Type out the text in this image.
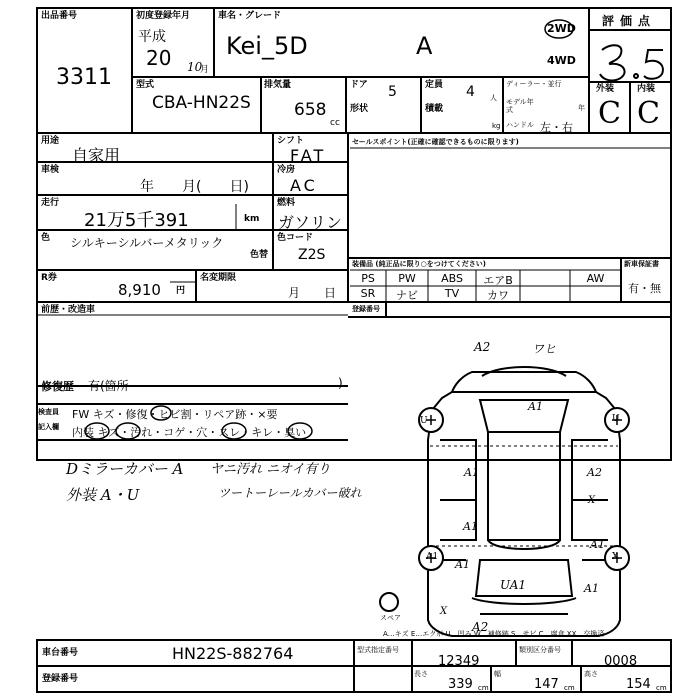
出品番号
3311
初度登録年月
平成
20 10
月
車名・グレード
Kei_5D	A
2WD
4WD
評価点
外装	内装
C C
型式
CBA-HN22S
排気量
658
cc
ドア 5
形状
定員 4 人
積載
kg
ディーラー・並行
モデル年式	年
ハンドル 左・右
用途
自家用
シフト
FAT
車検
年　　月(　　日)
冷房
AC
走行
21万5千391	km
燃料
ガソリン
色 シルキーシルバーメタリック
色替
色コード
Z2S
R券
8,910 円
名変期限
月　　日
前歴・改造車
修復歴 有(箇所	)
セールスポイント(正確に確認できるものに限ります)
装備品 (純正品に限り○をつけてください)	新車保証書
有・無
PS	PW	ABS	エアB	AW
SR	ナビ	TV	カワ
登録番号
検査員
記入欄
FW キズ・修復・ヒビ割・リペア跡・×要
内装 キズ・汚れ・コゲ・穴・スレ・キレ・臭い
Dミラーカバー A
外装 A・U
ヤニ汚れ ニオイ有り
ツートーレールカバー破れ
A2	ワヒ
A1
A1	A2
A1
X
A1
A1
U
UA1	A1
A2
X
U
X
A1
スペア
A…キズ E…エクボ U…凹み W…補修跡 S…サビ C…腐食 XX…交換済
車台番号	HN22S-882764
登録番号
型式指定番号
12349
類別区分番号
0008
長さ
339 cm
幅
147 cm
高さ
154 cm
